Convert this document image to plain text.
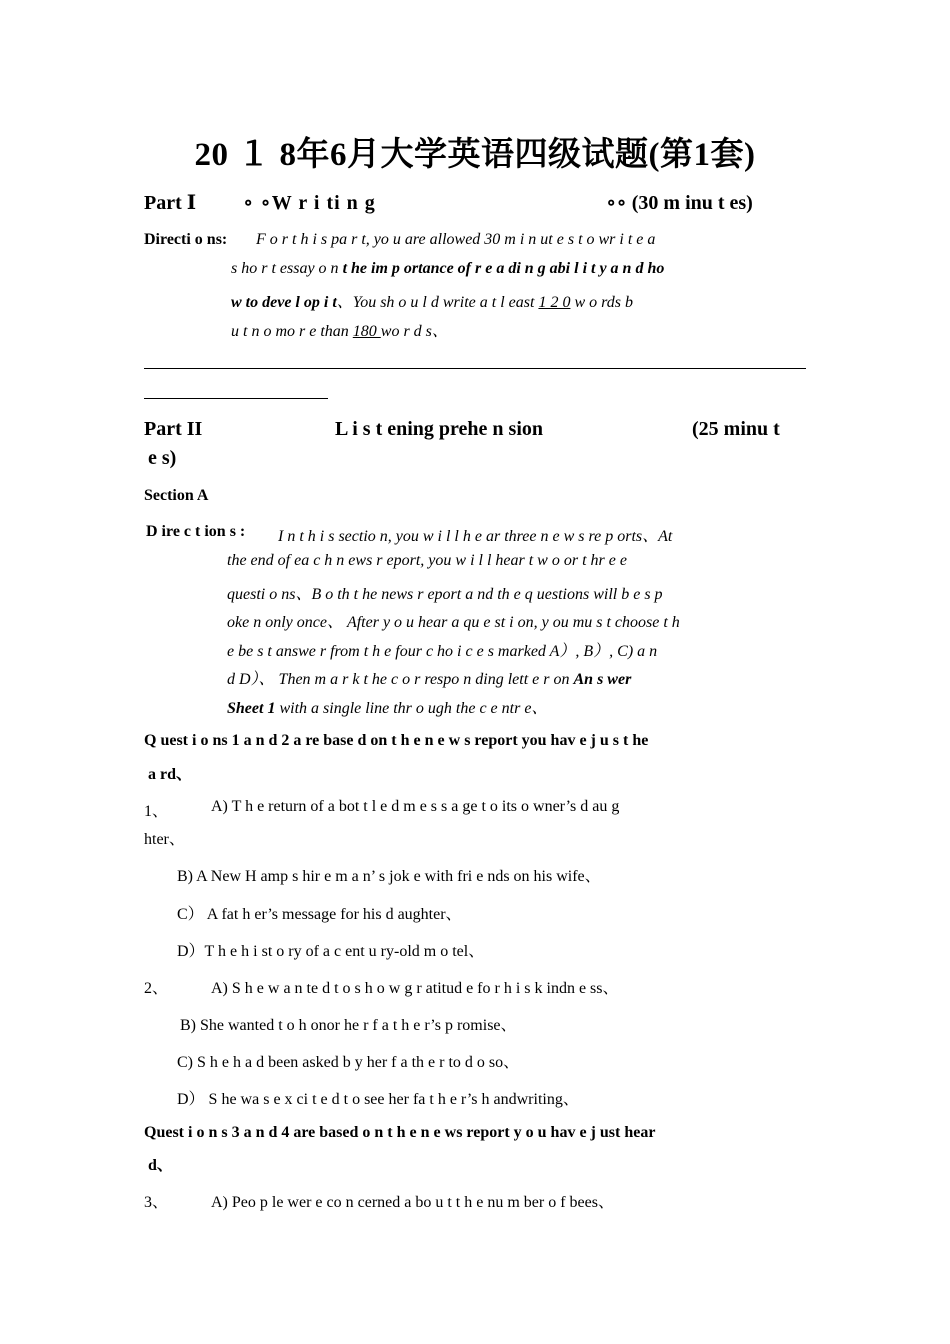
20 １ 8年6月大学英语四级试题(第1套)
Part Ⅰ ∘ ∘W r i ti n g	∘∘ (30 m inu t es)
Directi o ns: F o r t h i s pa r t, yo u are allowed 30 m i n ut e s t o wr i t e a
s ho r t essay o n t he im p ortance of r e a di n g abi l i t y a n d ho
w to deve l op i t、You sh o u l d write a t l east 1 2 0 w o rds b
u t n o mo r e than 180 wo r d s、
Part II	L i s t ening prehe n sion	(25 minu t
e s)
Section A
D ire c t ion s : I n t h i s sectio n, you w i l l h e ar three n e w s re p orts、At
the end of ea c h n ews r eport, you w i l l hear t w o or t hr e e
questi o ns、B o th t he news r eport a nd th e q uestions will b e s p
oke n only once、 After y o u hear a qu e st i on, y ou mu s t choose t h
e be s t answe r from t h e four c ho i c e s marked A）, B）, C) a n
d D）、 Then m a r k t he c o r respo n ding lett e r on An s wer
Sheet 1 with a single line thr o ugh the c e ntr e、
Q uest i o ns 1 a n d 2 a re base d on t h e n e w s report you hav e j u s t he
a rd、
1、	A) T h e return of a bot t l e d m e s s a ge t o its o wner’s d au g
hter、
B) A New H amp s hir e m a n’ s jok e with fri e nds on his wife、
C） A fat h er’s message for his d aughter、
D）T h e h i st o ry of a c ent u ry-old m o tel、
2、	A) S h e w a n te d t o s h o w g r atitud e fo r h i s k indn e ss、
B) She wanted t o h onor he r f a t h e r’s p romise、
C) S h e h a d been asked b y her f a th e r to d o so、
D） S he wa s e x ci t e d t o see her fa t h e r’s h andwriting、
Quest i o n s 3 a n d 4 are based o n t h e n e ws report y o u hav e j ust hear
d、
3、	A) Peo p le wer e co n cerned a bo u t t h e nu m ber o f bees、
